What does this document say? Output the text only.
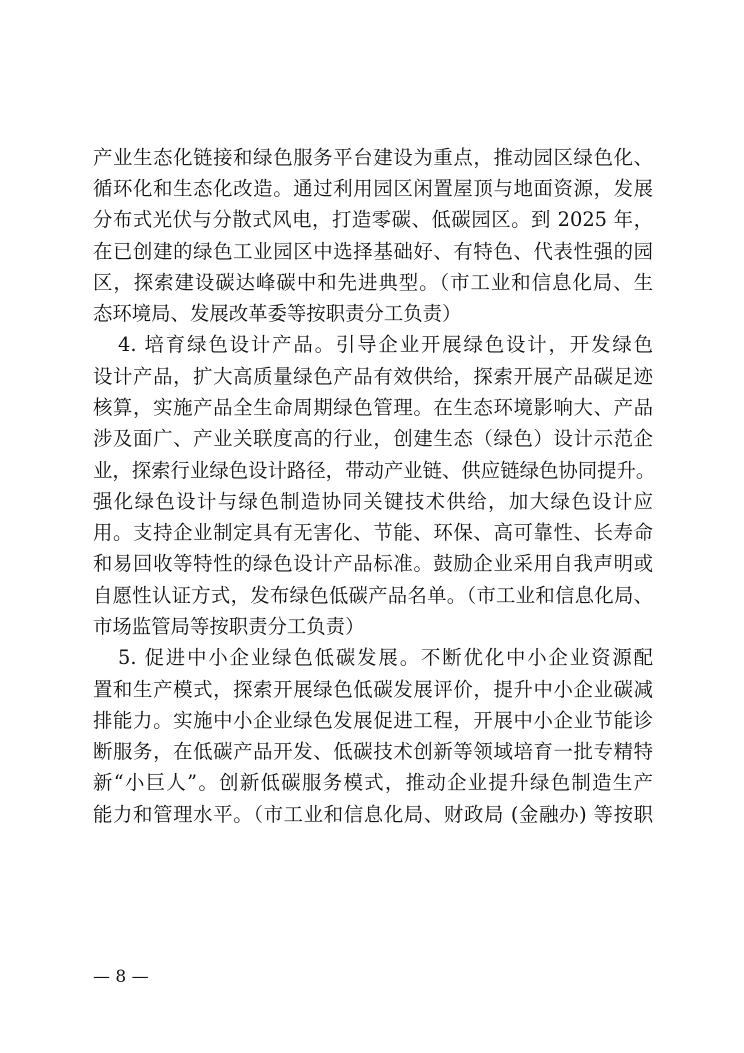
产业生态化链接和绿色服务平台建设为重点，推动园区绿色化、
循环化和生态化改造。通过利用园区闲置屋顶与地面资源，发展
分布式光伏与分散式风电，打造零碳、低碳园区。到 2025 年，
在已创建的绿色工业园区中选择基础好、有特色、代表性强的园
区，探索建设碳达峰碳中和先进典型。（市工业和信息化局、生
态环境局、发展改革委等按职责分工负责）
4. 培育绿色设计产品。引导企业开展绿色设计，开发绿色
设计产品，扩大高质量绿色产品有效供给，探索开展产品碳足迹
核算，实施产品全生命周期绿色管理。在生态环境影响大、产品
涉及面广、产业关联度高的行业，创建生态（绿色）设计示范企
业，探索行业绿色设计路径，带动产业链、供应链绿色协同提升。
强化绿色设计与绿色制造协同关键技术供给，加大绿色设计应
用。支持企业制定具有无害化、节能、环保、高可靠性、长寿命
和易回收等特性的绿色设计产品标准。鼓励企业采用自我声明或
自愿性认证方式，发布绿色低碳产品名单。（市工业和信息化局、
市场监管局等按职责分工负责）
5. 促进中小企业绿色低碳发展。不断优化中小企业资源配
置和生产模式，探索开展绿色低碳发展评价，提升中小企业碳减
排能力。实施中小企业绿色发展促进工程，开展中小企业节能诊
断服务，在低碳产品开发、低碳技术创新等领域培育一批专精特
新“小巨人”。创新低碳服务模式，推动企业提升绿色制造生产
能力和管理水平。（市工业和信息化局、财政局 (金融办) 等按职
— 8 —
